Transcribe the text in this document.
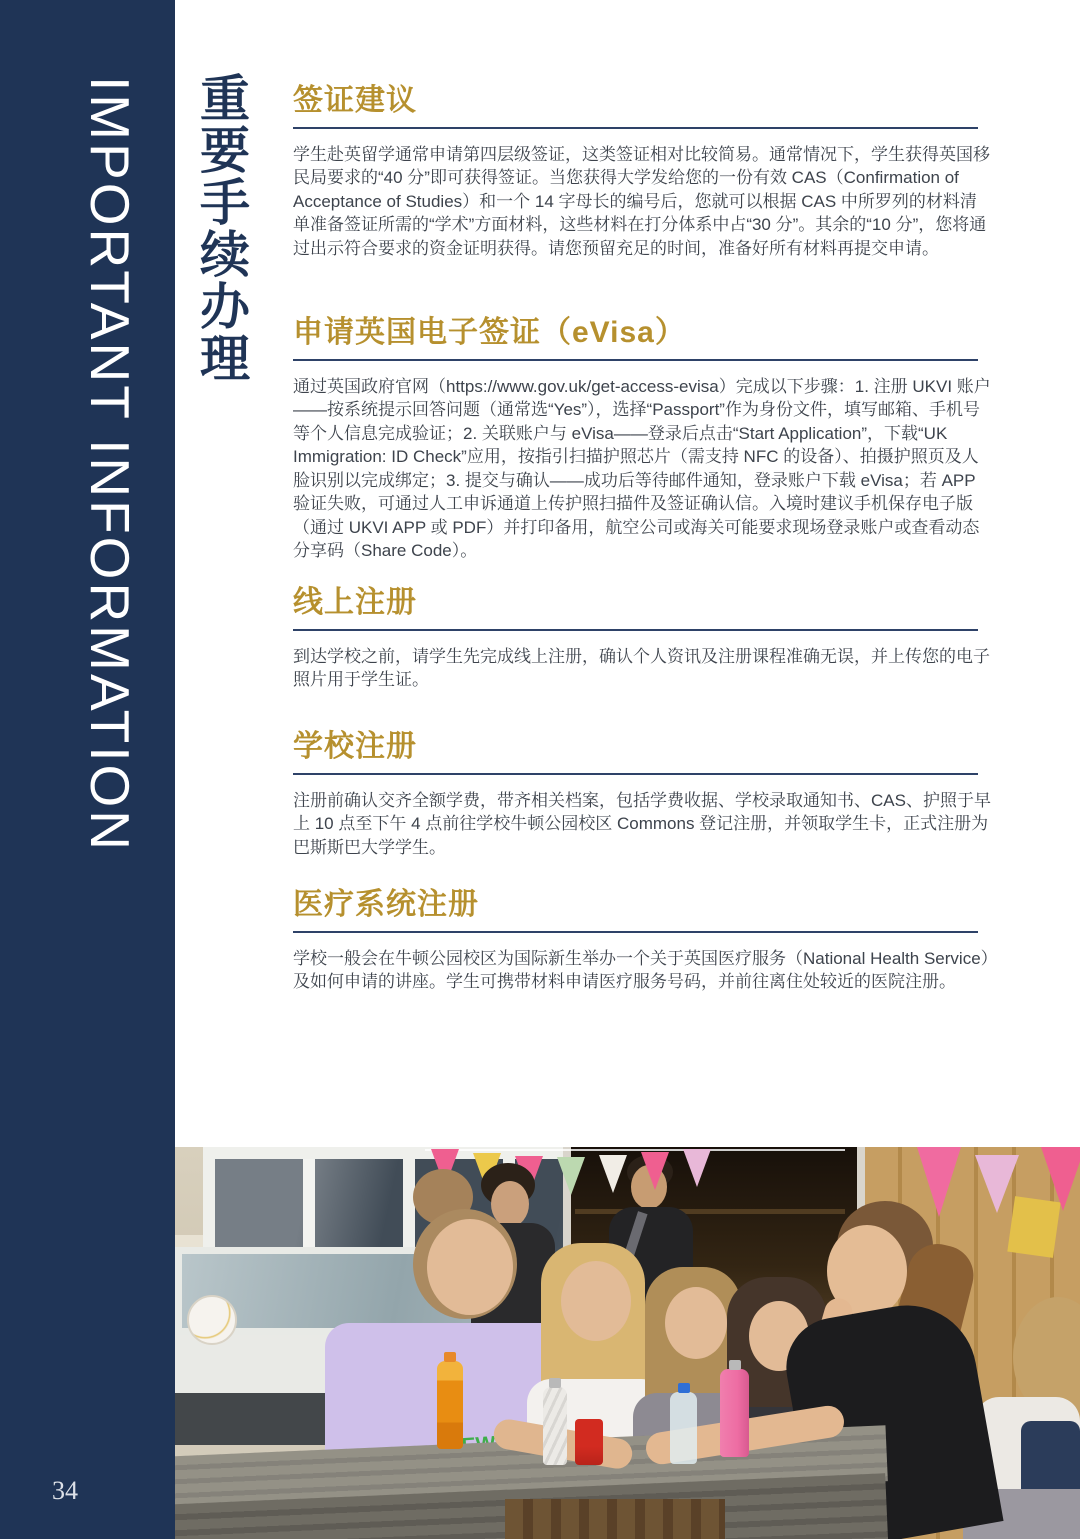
34
IMPORTANT INFORMATION 重要手续办理 签证建议

学生赴英留学通常申请第四层级签证，这类签证相对比较简易。通常情况下，学生获得英国移民局要求的“40 分”即可获得签证。当您获得大学发给您的一份有效 CAS（Confirmation of Acceptance of Studies）和一个 14 字母长的编号后，您就可以根据 CAS 中所罗列的材料清单准备签证所需的“学术”方面材料，这些材料在打分体系中占“30 分”。其余的“10 分”，您将通过出示符合要求的资金证明获得。请您预留充足的时间，准备好所有材料再提交申请。

申请英国电子签证（eVisa）

通过英国政府官网（https://www.gov.uk/get-access-evisa）完成以下步骤：1. 注册 UKVI 账户——按系统提示回答问题（通常选“Yes”），选择“Passport”作为身份文件，填写邮箱、手机号等个人信息完成验证；2. 关联账户与 eVisa——登录后点击“Start Application”，下载“UK Immigration: ID Check”应用，按指引扫描护照芯片（需支持 NFC 的设备）、拍摄护照页及人脸识别以完成绑定；3. 提交与确认——成功后等待邮件通知，登录账户下载 eVisa；若 APP 验证失败，可通过人工申诉通道上传护照扫描件及签证确认信。入境时建议手机保存电子版（通过 UKVI APP 或 PDF）并打印备用，航空公司或海关可能要求现场登录账户或查看动态分享码（Share Code）。

线上注册

到达学校之前，请学生先完成线上注册，确认个人资讯及注册课程准确无误，并上传您的电子照片用于学生证。

学校注册

注册前确认交齐全额学费，带齐相关档案，包括学费收据、学校录取通知书、CAS、护照于早上 10 点至下午 4 点前往学校牛顿公园校区 Commons 登记注册，并领取学生卡，正式注册为巴斯斯巴大学学生。

医疗系统注册

学校一般会在牛顿公园校区为国际新生举办一个关于英国医疗服务（National Health Service）及如何申请的讲座。学生可携带材料申请医疗服务号码，并前往离住处较近的医院注册。
